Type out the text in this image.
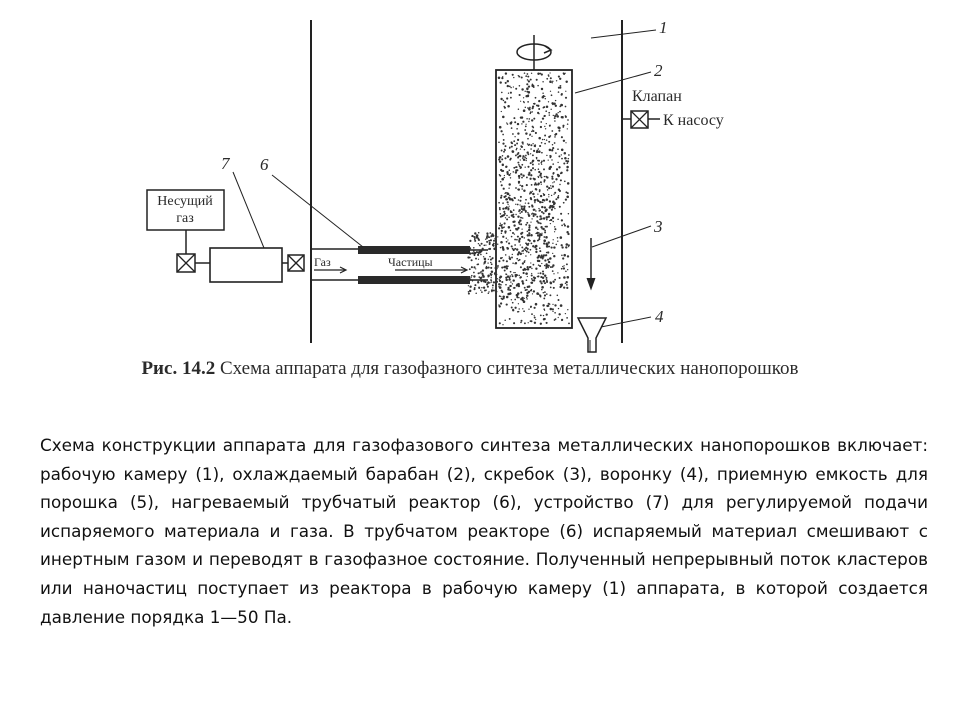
Несущий
газ
Газ	Частицы
Клапан
К насосу
1
2
3
4
6
7
Рис. 14.2 Схема аппарата для газофазного синтеза металлических нанопорошков

Схема конструкции аппарата для газофазового синтеза металлических нанопорошков включает: рабочую камеру (1), охлаждаемый барабан (2), скребок (3), воронку (4), приемную емкость для порошка (5), нагреваемый трубчатый реактор (6), устройство (7) для регулируемой подачи испаряемого материала и газа. В трубчатом реакторе (6) испаряемый материал смешивают с инертным газом и переводят в газофазное состояние. Полученный непрерывный поток кластеров или наночастиц поступает из реактора в рабочую камеру (1) аппарата, в которой создается давление порядка 1—50 Па.
